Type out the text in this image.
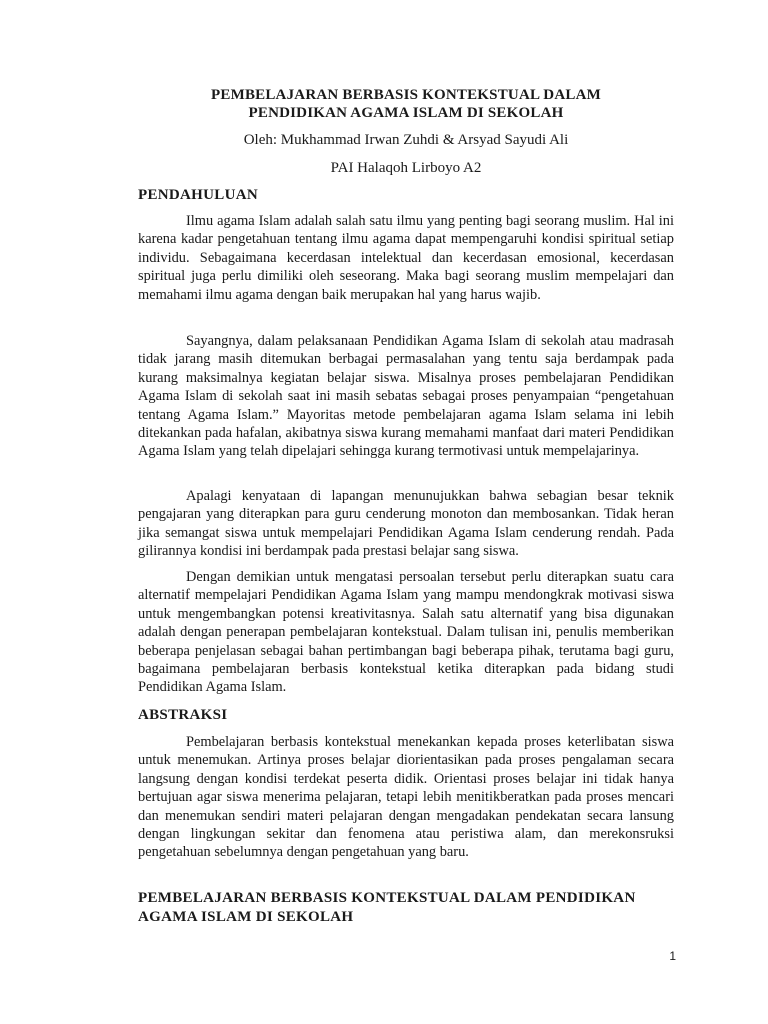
PEMBELAJARAN BERBASIS KONTEKSTUAL DALAM
PENDIDIKAN AGAMA ISLAM DI SEKOLAH
Oleh: Mukhammad Irwan Zuhdi & Arsyad Sayudi Ali
PAI Halaqoh Lirboyo A2
PENDAHULUAN

Ilmu agama Islam adalah salah satu ilmu yang penting bagi seorang muslim. Hal ini karena kadar pengetahuan tentang ilmu agama dapat mempengaruhi kondisi spiritual setiap individu. Sebagaimana kecerdasan intelektual dan kecerdasan emosional, kecerdasan spiritual juga perlu dimiliki oleh seseorang. Maka bagi seorang muslim mempelajari dan memahami ilmu agama dengan baik merupakan hal yang harus wajib.

Sayangnya, dalam pelaksanaan Pendidikan Agama Islam di sekolah atau madrasah tidak jarang masih ditemukan berbagai permasalahan yang tentu saja berdampak pada kurang maksimalnya kegiatan belajar siswa. Misalnya proses pembelajaran Pendidikan Agama Islam di sekolah saat ini masih sebatas sebagai proses penyampaian “pengetahuan tentang Agama Islam.” Mayoritas metode pembelajaran agama Islam selama ini lebih ditekankan pada hafalan, akibatnya siswa kurang memahami manfaat dari materi Pendidikan Agama Islam yang telah dipelajari sehingga kurang termotivasi untuk mempelajarinya.

Apalagi kenyataan di lapangan menunujukkan bahwa sebagian besar teknik pengajaran yang diterapkan para guru cenderung monoton dan membosankan. Tidak heran jika semangat siswa untuk mempelajari Pendidikan Agama Islam cenderung rendah. Pada gilirannya kondisi ini berdampak pada prestasi belajar sang siswa.

Dengan demikian untuk mengatasi persoalan tersebut perlu diterapkan suatu cara alternatif mempelajari Pendidikan Agama Islam yang mampu mendongkrak motivasi siswa untuk mengembangkan potensi kreativitasnya. Salah satu alternatif yang bisa digunakan adalah dengan penerapan pembelajaran kontekstual. Dalam tulisan ini, penulis memberikan beberapa penjelasan sebagai bahan pertimbangan bagi beberapa pihak, terutama bagi guru, bagaimana pembelajaran berbasis kontekstual ketika diterapkan pada bidang studi Pendidikan Agama Islam.

ABSTRAKSI

Pembelajaran berbasis kontekstual menekankan kepada proses keterlibatan siswa untuk menemukan. Artinya proses belajar diorientasikan pada proses pengalaman secara langsung dengan kondisi terdekat peserta didik. Orientasi proses belajar ini tidak hanya bertujuan agar siswa menerima pelajaran, tetapi lebih menitikberatkan pada proses mencari dan menemukan sendiri materi pelajaran dengan mengadakan pendekatan secara lansung dengan lingkungan sekitar dan fenomena atau peristiwa alam, dan merekonsruksi pengetahuan sebelumnya dengan pengetahuan yang baru.

PEMBELAJARAN BERBASIS KONTEKSTUAL DALAM PENDIDIKAN
AGAMA ISLAM DI SEKOLAH
1
